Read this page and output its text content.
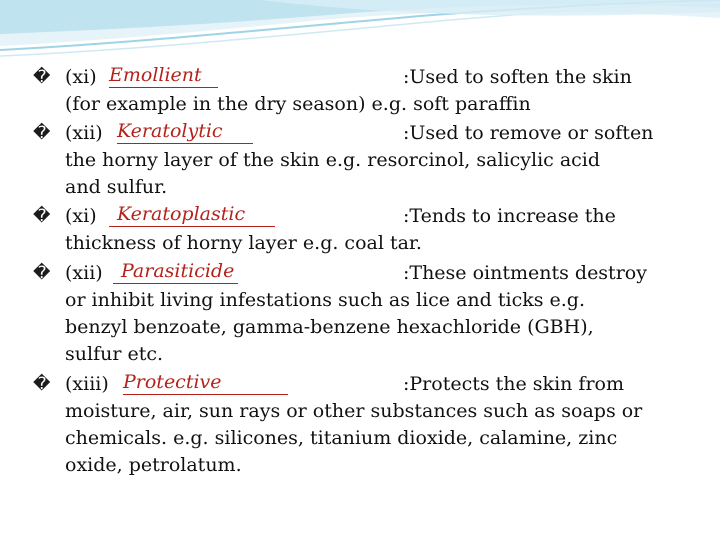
� (xi) Emollient	:Used to soften the skin
(for example in the dry season) e.g. soft paraffin
� (xii) Keratolytic	:Used to remove or soften
the horny layer of the skin e.g. resorcinol, salicylic acid
and sulfur.
� (xi)	Keratoplastic	:Tends to increase the
thickness of horny layer e.g. coal tar.
� (xii) Parasiticide	:These ointments destroy
or inhibit living infestations such as lice and ticks e.g.
benzyl benzoate, gamma-benzene hexachloride (GBH),
sulfur etc.
� (xiii) Protective	:Protects the skin from
moisture, air, sun rays or other substances such as soaps or
chemicals. e.g. silicones, titanium dioxide, calamine, zinc
oxide, petrolatum.
